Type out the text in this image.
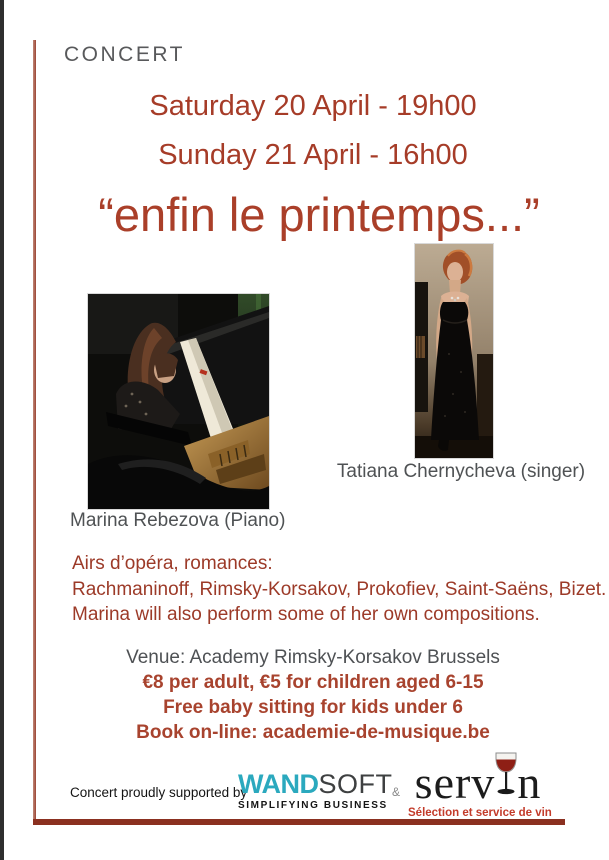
CONCERT
Saturday 20 April - 19h00
Sunday 21 April - 16h00
“enfin le printemps...”
Tatiana Chernycheva (singer)
Marina Rebezova (Piano)
Airs d’opéra, romances:
Rachmaninoff, Rimsky-Korsakov, Prokofiev, Saint-Saëns, Bizet.
Marina will also perform some of her own compositions.
Venue: Academy Rimsky-Korsakov Brussels
€8 per adult, €5 for children aged 6-15
Free baby sitting for kids under 6
Book on-line: academie-de-musique.be
Concert proudly supported by
WANDSOFT
SIMPLIFYING BUSINESS
& serv n
Sélection et service de vin
